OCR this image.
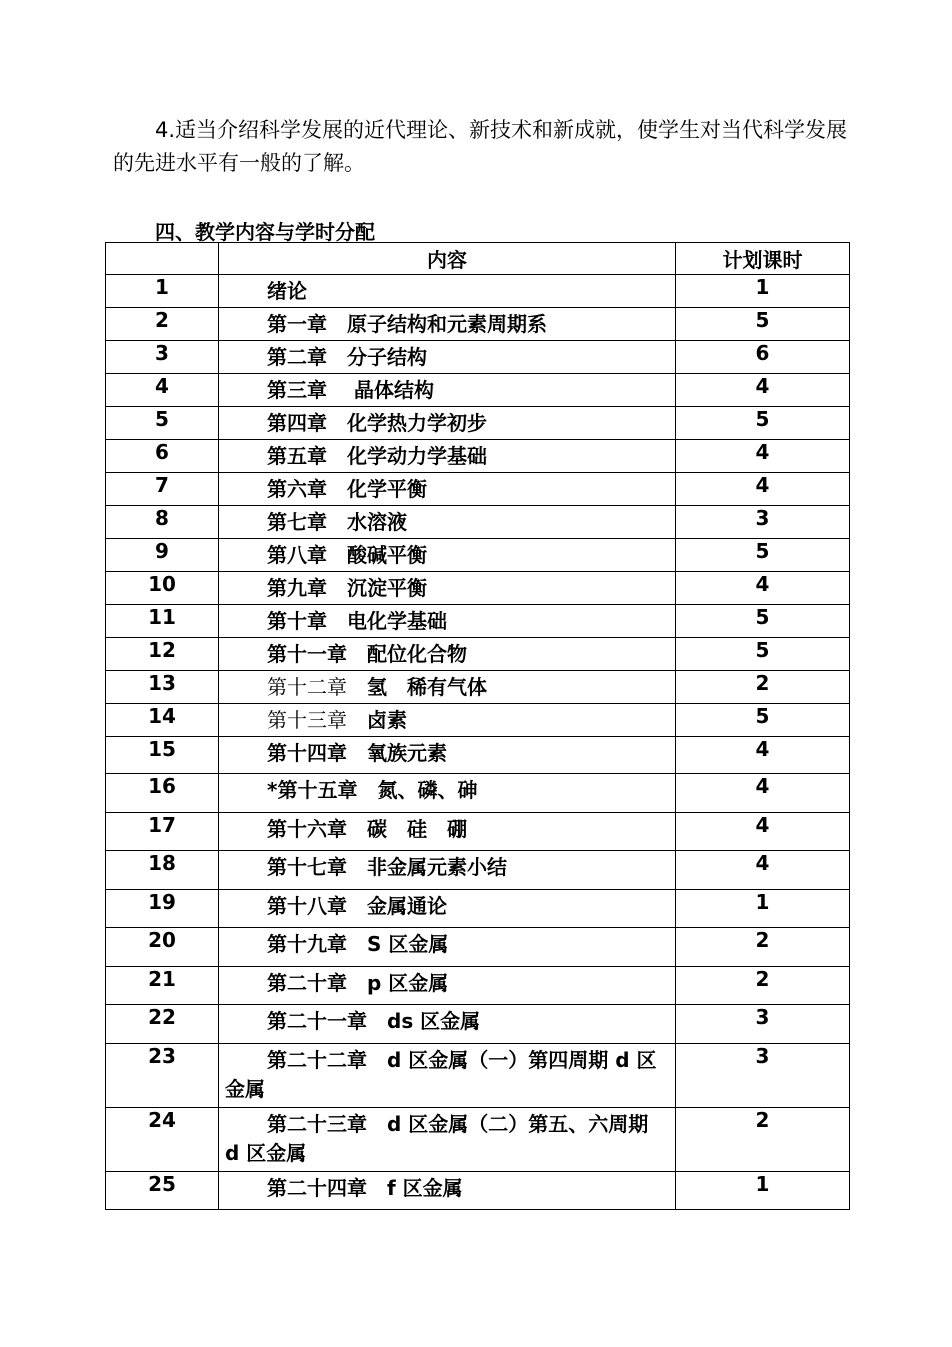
4.适当介绍科学发展的近代理论、新技术和新成就，使学生对当代科学发展的先进水平有一般的了解。

四、教学内容与学时分配

	内容	计划课时
1	绪论	1
2	第一章　原子结构和元素周期系	5
3	第二章　分子结构	6
4	第三章　 晶体结构	4
5	第四章　化学热力学初步	5
6	第五章　化学动力学基础	4
7	第六章　化学平衡	4
8	第七章　水溶液	3
9	第八章　酸碱平衡	5
10	第九章　沉淀平衡	4
11	第十章　电化学基础	5
12	第十一章　配位化合物	5
13	第十二章　氢　稀有气体	2
14	第十三章　卤素	5
15	第十四章　氧族元素	4
16	*第十五章　氮、磷、砷	4
17	第十六章　碳　硅　硼	4
18	第十七章　非金属元素小结	4
19	第十八章　金属通论	1
20	第十九章　S 区金属	2
21	第二十章　p 区金属	2
22	第二十一章　ds 区金属	3
23	第二十二章　d 区金属（一）第四周期 d 区金属	3
24	第二十三章　d 区金属（二）第五、六周期 d 区金属	2
25	第二十四章　f 区金属	1
